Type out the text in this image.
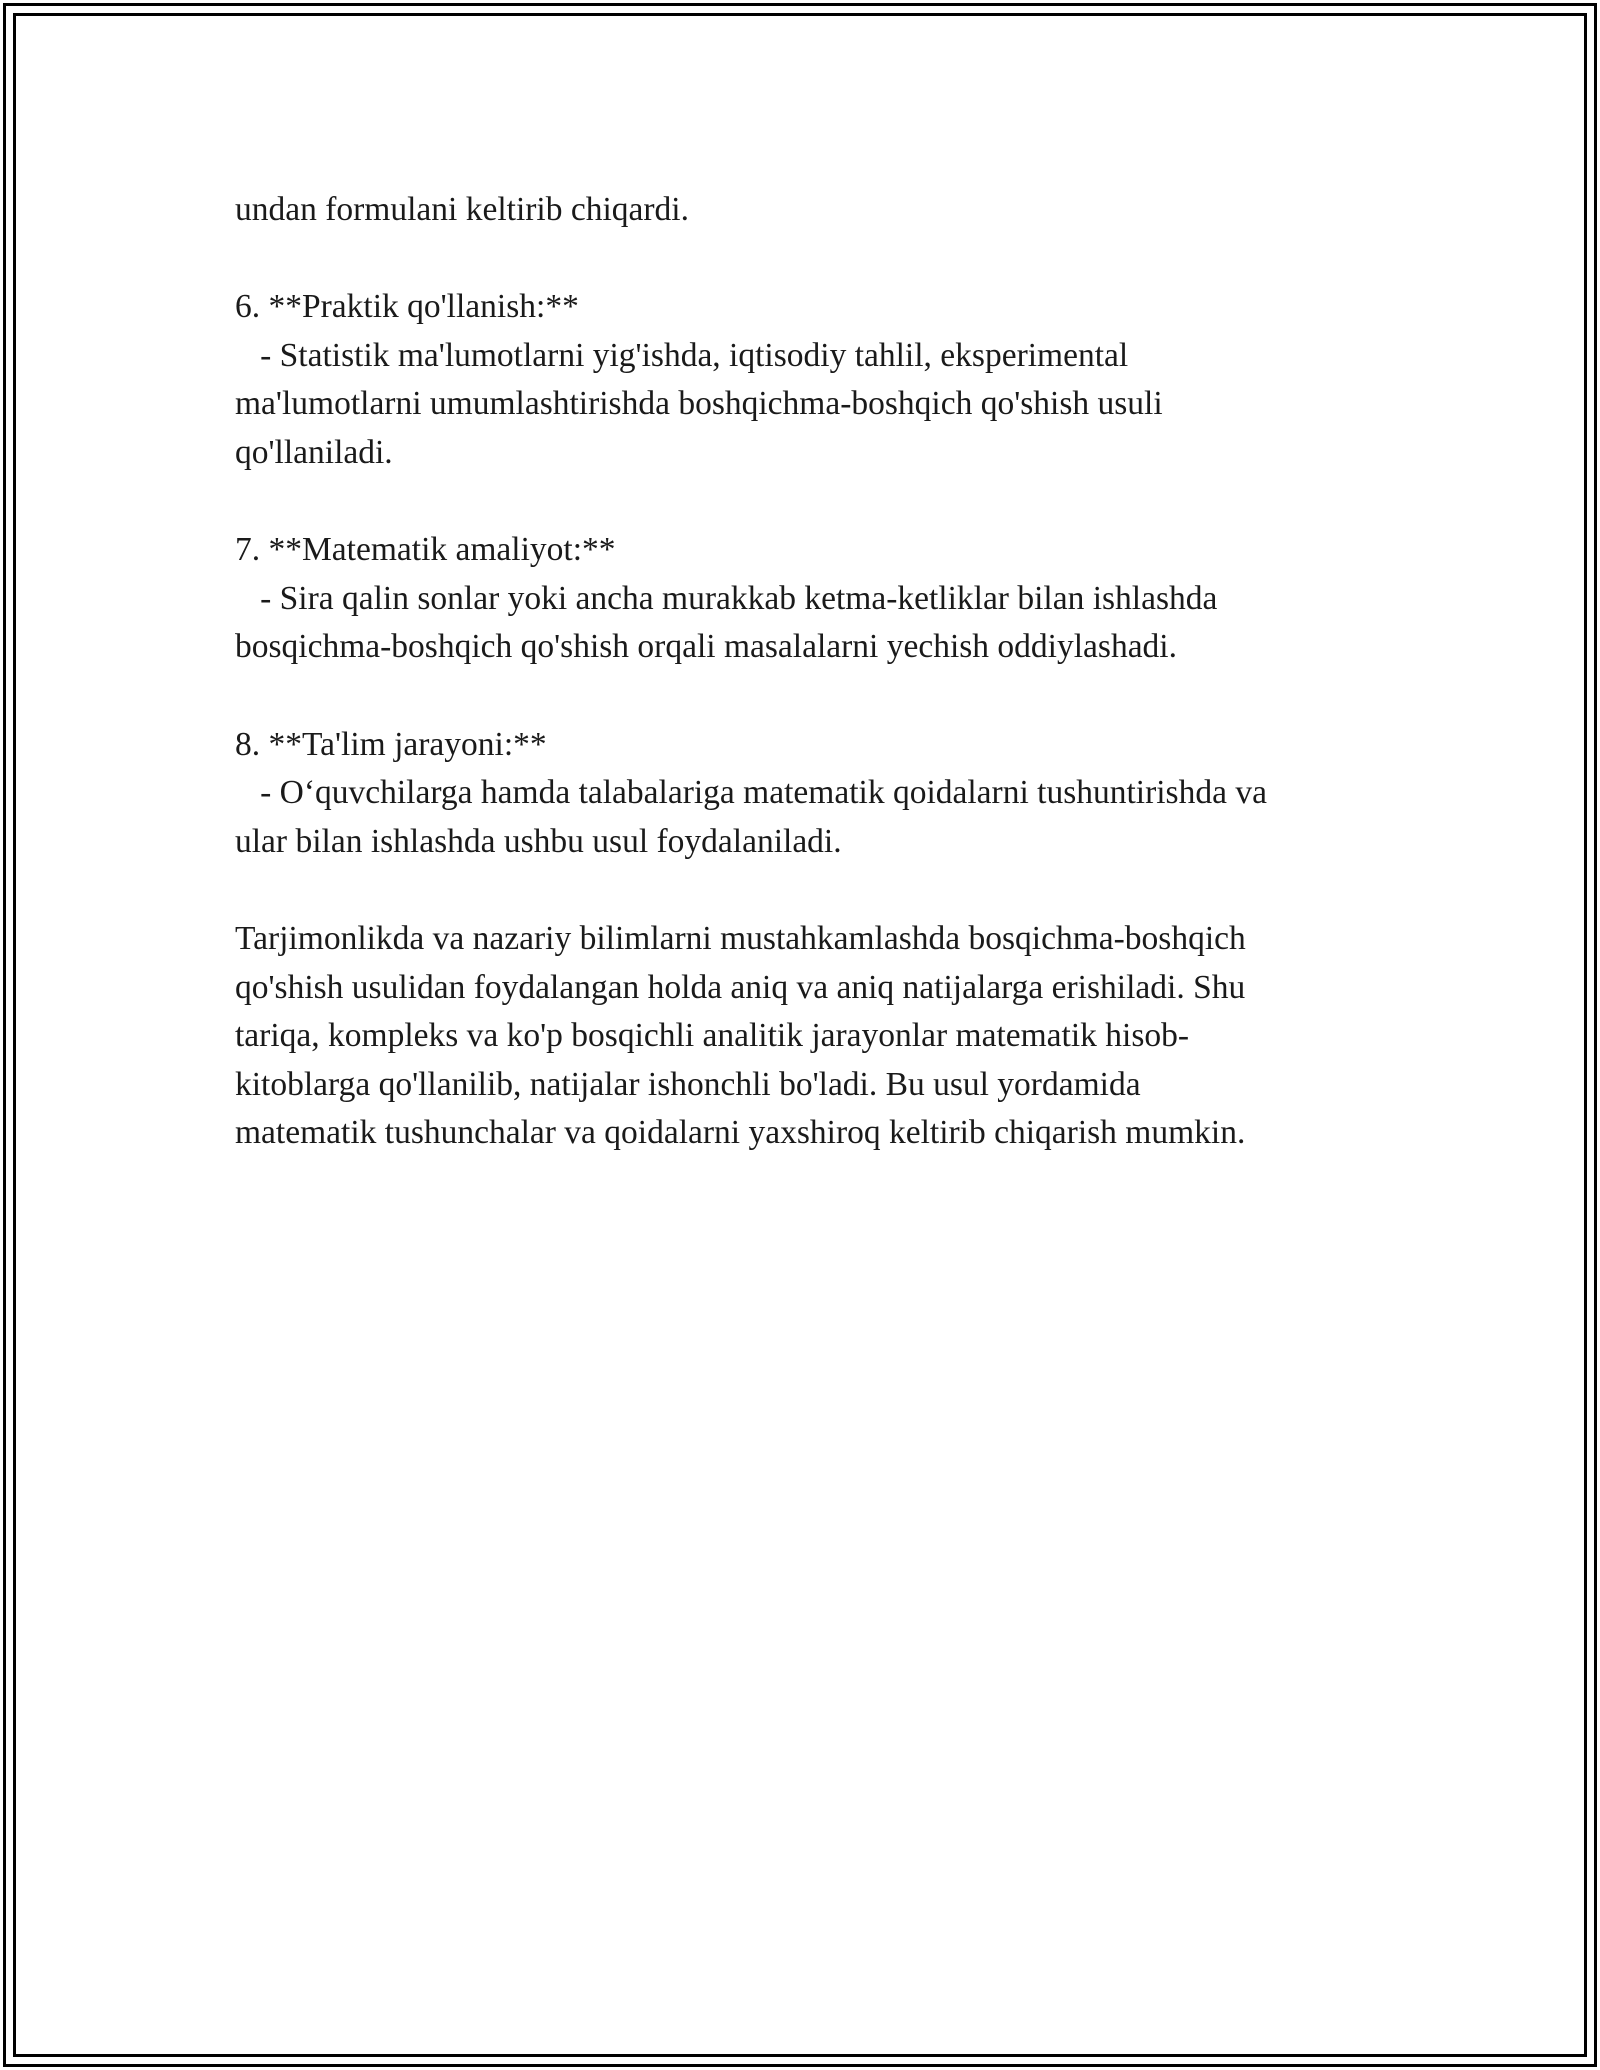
undan formulani keltirib chiqardi.

6. **Praktik qo'llanish:**

- Statistik ma'lumotlarni yig'ishda, iqtisodiy tahlil, eksperimental
ma'lumotlarni umumlashtirishda boshqichma-boshqich qo'shish usuli
qo'llaniladi.

7. **Matematik amaliyot:**

- Sira qalin sonlar yoki ancha murakkab ketma-ketliklar bilan ishlashda
bosqichma-boshqich qo'shish orqali masalalarni yechish oddiylashadi.

8. **Ta'lim jarayoni:**

- O‘quvchilarga hamda talabalariga matematik qoidalarni tushuntirishda va
ular bilan ishlashda ushbu usul foydalaniladi.

Tarjimonlikda va nazariy bilimlarni mustahkamlashda bosqichma-boshqich
qo'shish usulidan foydalangan holda aniq va aniq natijalarga erishiladi. Shu
tariqa, kompleks va ko'p bosqichli analitik jarayonlar matematik hisob-
kitoblarga qo'llanilib, natijalar ishonchli bo'ladi. Bu usul yordamida
matematik tushunchalar va qoidalarni yaxshiroq keltirib chiqarish mumkin.
